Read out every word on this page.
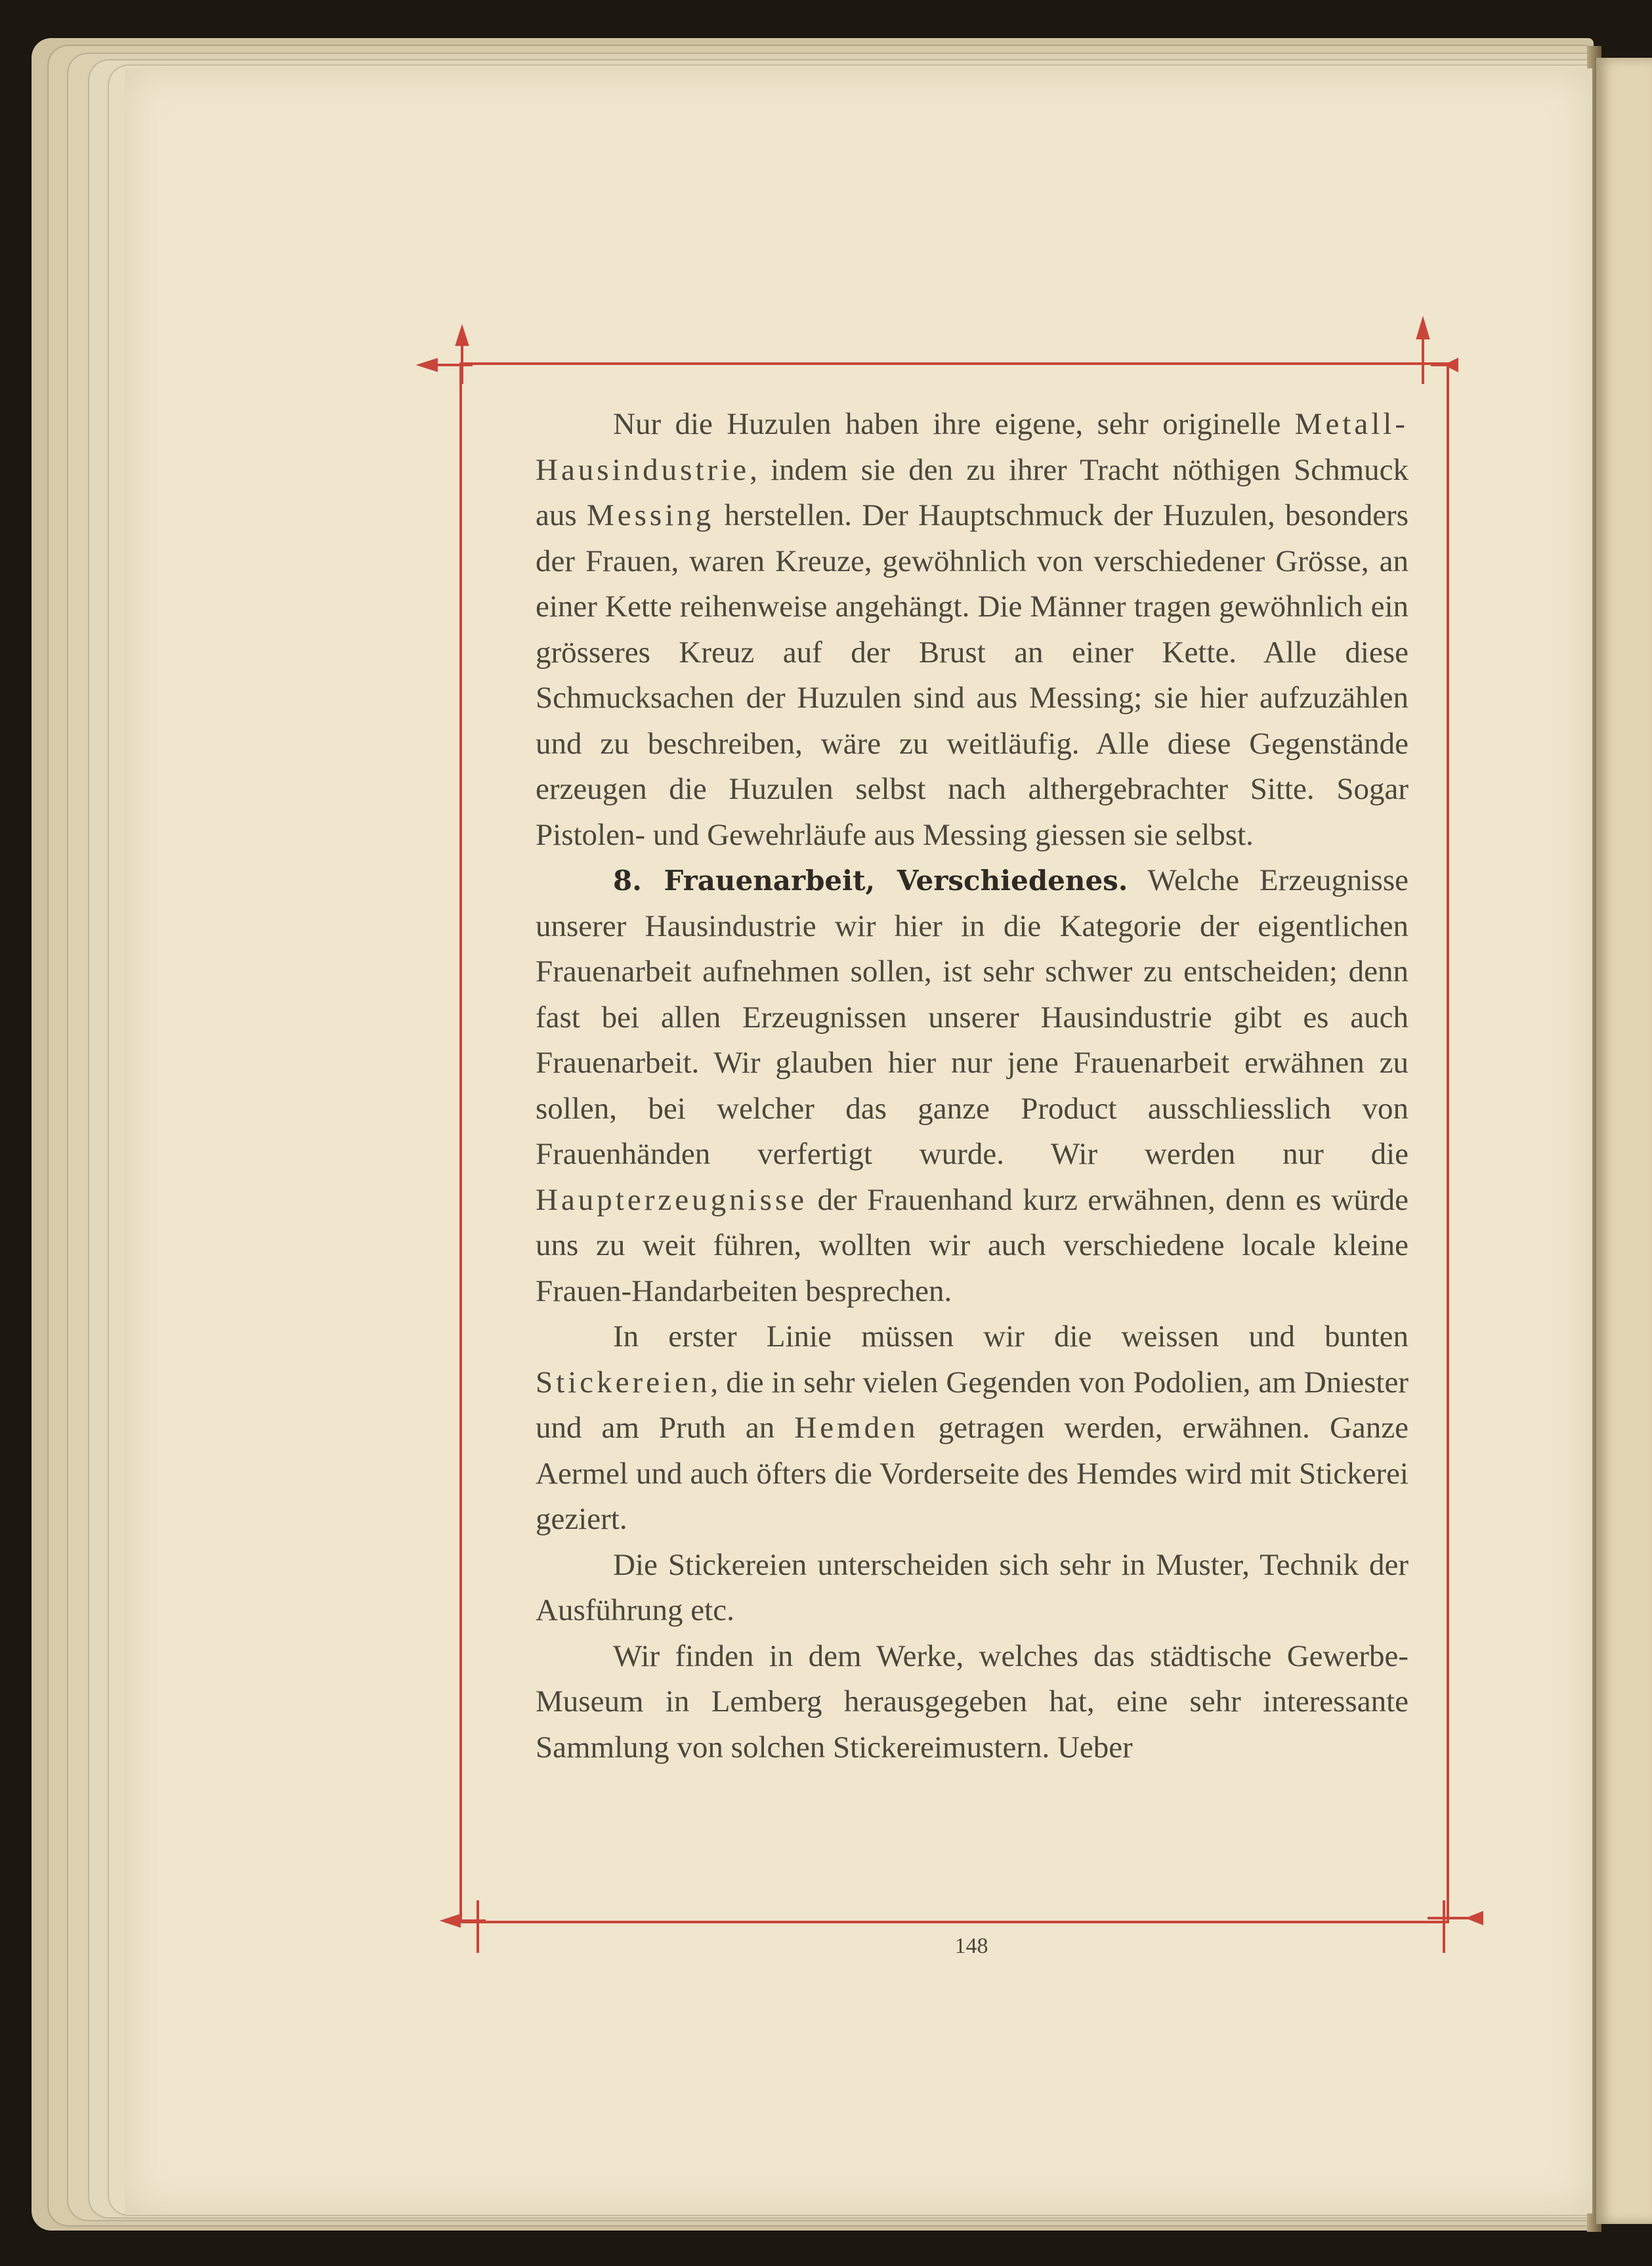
Nur die Huzulen haben ihre eigene, sehr originelle Metall-Hausindustrie, indem sie den zu ihrer Tracht nöthigen Schmuck aus Messing herstellen. Der Hauptschmuck der Huzulen, besonders der Frauen, waren Kreuze, gewöhnlich von verschiedener Grösse, an einer Kette reihenweise angehängt. Die Männer tragen gewöhnlich ein grösseres Kreuz auf der Brust an einer Kette. Alle diese Schmucksachen der Huzulen sind aus Messing; sie hier aufzuzählen und zu beschreiben, wäre zu weitläufig. Alle diese Gegenstände erzeugen die Huzulen selbst nach althergebrachter Sitte. Sogar Pistolen- und Gewehrläufe aus Messing giessen sie selbst.

8. Frauenarbeit, Verschiedenes. Welche Erzeugnisse unserer Hausindustrie wir hier in die Kategorie der eigentlichen Frauenarbeit aufnehmen sollen, ist sehr schwer zu entscheiden; denn fast bei allen Erzeugnissen unserer Hausindustrie gibt es auch Frauenarbeit. Wir glauben hier nur jene Frauenarbeit erwähnen zu sollen, bei welcher das ganze Product ausschliesslich von Frauenhänden verfertigt wurde. Wir werden nur die Haupterzeugnisse der Frauenhand kurz erwähnen, denn es würde uns zu weit führen, wollten wir auch verschiedene locale kleine Frauen-Handarbeiten besprechen.

In erster Linie müssen wir die weissen und bunten Stickereien, die in sehr vielen Gegenden von Podolien, am Dniester und am Pruth an Hemden getragen werden, erwähnen. Ganze Aermel und auch öfters die Vorderseite des Hemdes wird mit Stickerei geziert.

Die Stickereien unterscheiden sich sehr in Muster, Technik der Ausführung etc.

Wir finden in dem Werke, welches das städtische Gewerbe-Museum in Lemberg herausgegeben hat, eine sehr interessante Sammlung von solchen Stickereimustern. Ueber

148
